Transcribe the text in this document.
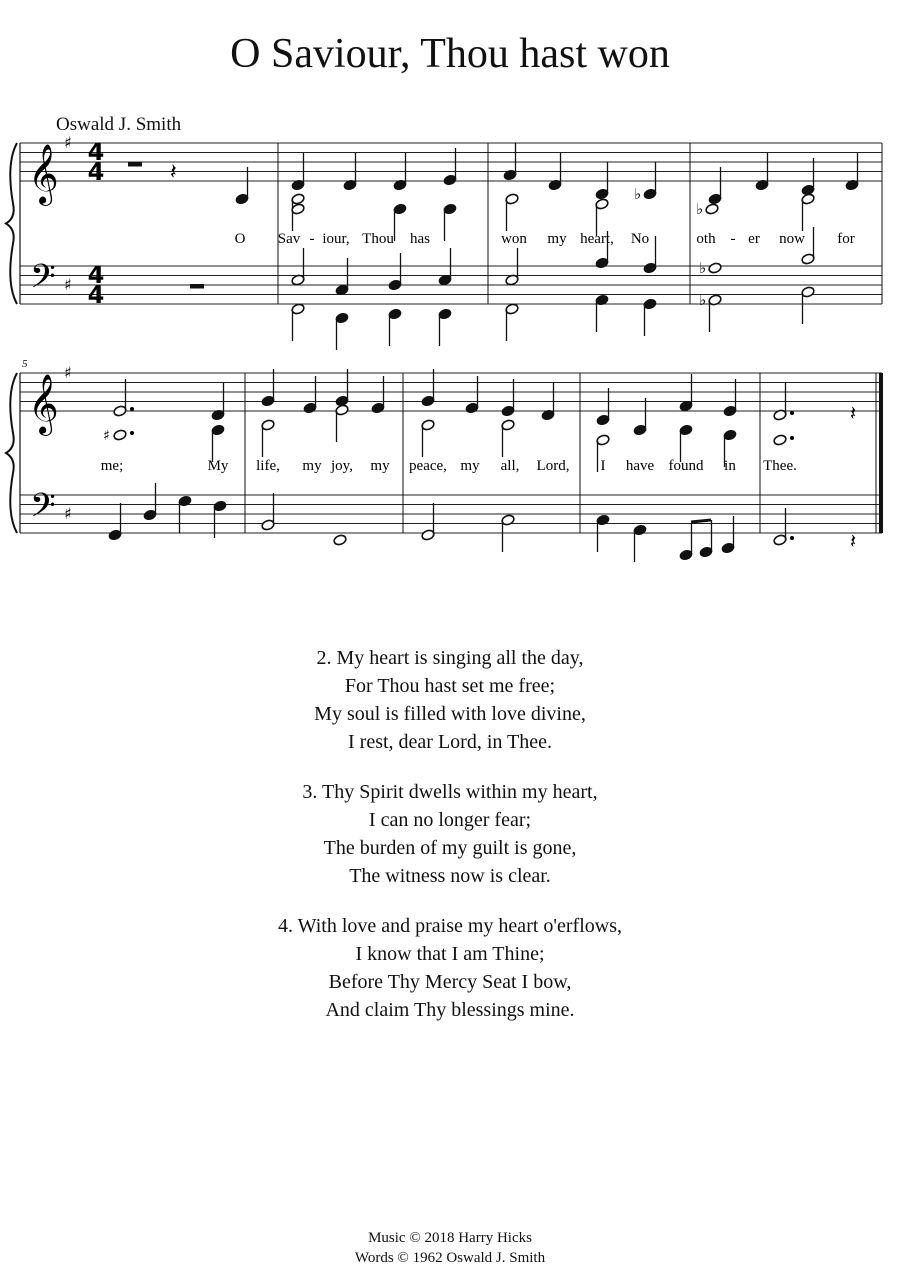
O Saviour, Thou hast won
Oswald J. Smith
𝄞
𝄢
♯
♯
𝄞
𝄢
♯
♯
4
4
4
4
5
𝄽
♭
♭
♭
♭
♯
𝄽
𝄽
O Sav - iour, Thou has	won my heart, No	oth - er now for
me;	My life, my joy, my peace, my all, Lord, I have found in Thee.
2. My heart is singing all the day,
For Thou hast set me free;
My soul is filled with love divine,
I rest, dear Lord, in Thee.
3. Thy Spirit dwells within my heart,
I can no longer fear;
The burden of my guilt is gone,
The witness now is clear.
4. With love and praise my heart o'erflows,
I know that I am Thine;
Before Thy Mercy Seat I bow,
And claim Thy blessings mine.
Music © 2018 Harry Hicks
Words © 1962 Oswald J. Smith
